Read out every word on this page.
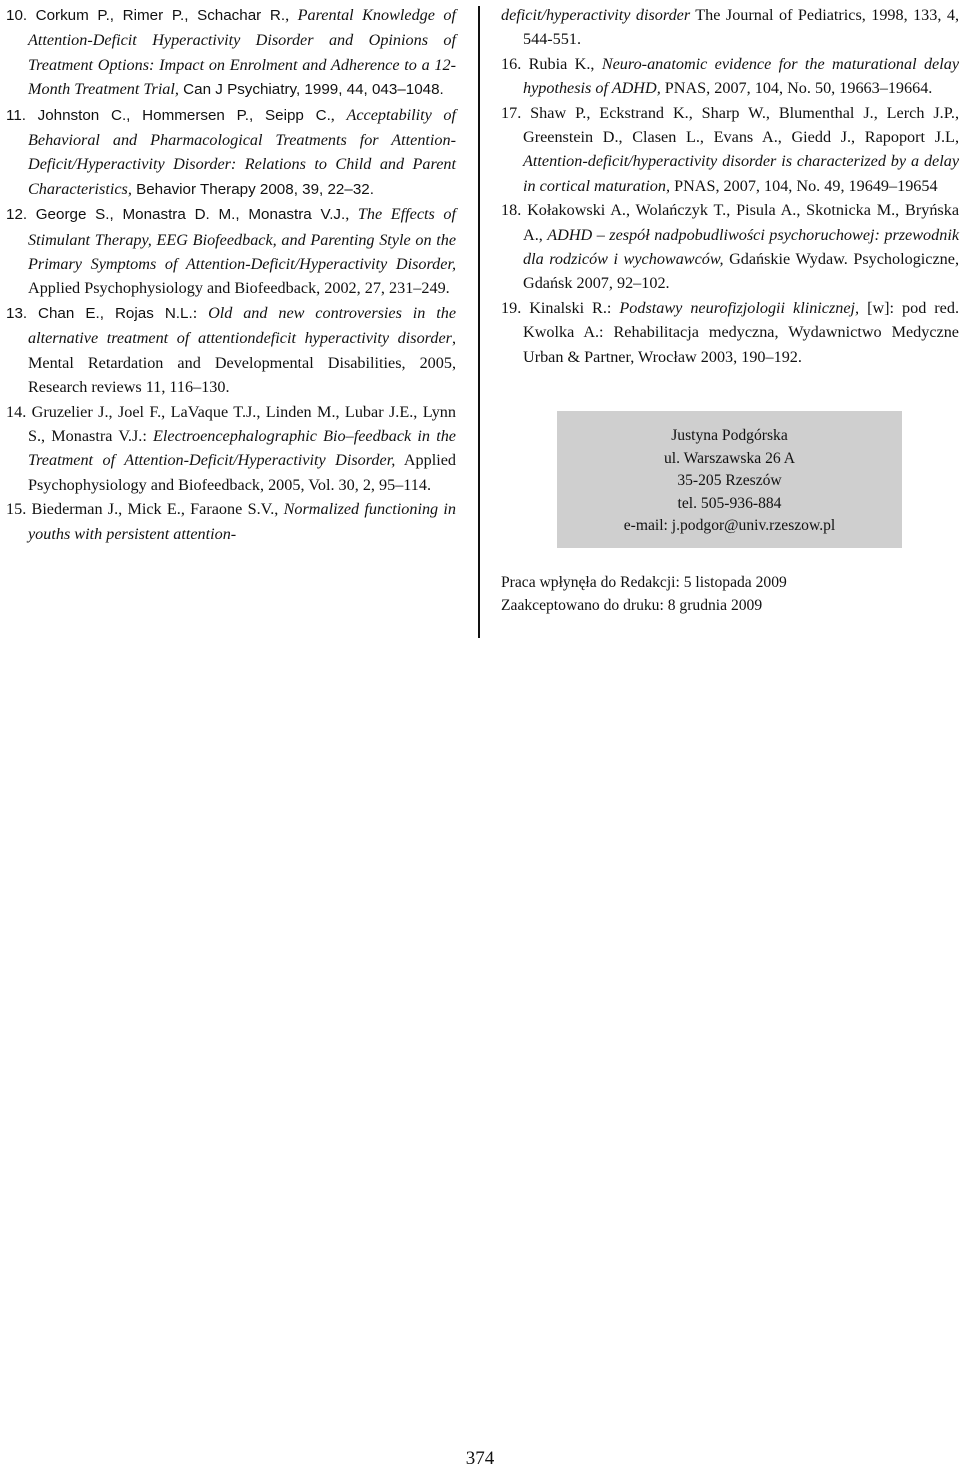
10. Corkum P., Rimer P., Schachar R., Parental Knowledge of Attention-Deficit Hyperactivity Disorder and Opinions of Treatment Options: Impact on Enrolment and Adherence to a 12-Month Treatment Trial, Can J Psychiatry, 1999, 44, 043–1048.

11. Johnston C., Hommersen P., Seipp C., Acceptability of Behavioral and Pharmacological Treatments for Attention-Deficit/Hyperactivity Disorder: Relations to Child and Parent Characteristics, Behavior Therapy 2008, 39, 22–32.

12. George S., Monastra D. M., Monastra V.J., The Effects of Stimulant Therapy, EEG Biofeedback, and Parenting Style on the Primary Symptoms of Attention-Deficit/Hyperactivity Disorder, Applied Psychophysiology and Biofeedback, 2002, 27, 231–249.

13. Chan E., Rojas N.L.: Old and new controversies in the alternative treatment of attentiondeficit hyperactivity disorder, Mental Retardation and Developmental Disabilities, 2005, Research reviews 11, 116–130.

14. Gruzelier J., Joel F., LaVaque T.J., Linden M., Lubar J.E., Lynn S., Monastra V.J.: Electroencephalographic Bio–feedback in the Treatment of Attention-Deficit/Hyperactivity Disorder, Applied Psychophysiology and Biofeedback, 2005, Vol. 30, 2, 95–114.

15. Biederman J., Mick E., Faraone S.V., Normalized functioning in youths with persistent attention-

deficit/hyperactivity disorder The Journal of Pediatrics, 1998, 133, 4, 544-551.

16. Rubia K., Neuro-anatomic evidence for the maturational delay hypothesis of ADHD, PNAS, 2007, 104, No. 50, 19663–19664.

17. Shaw P., Eckstrand K., Sharp W., Blumenthal J., Lerch J.P., Greenstein D., Clasen L., Evans A., Giedd J., Rapoport J.L, Attention-deficit/hyperactivity disorder is characterized by a delay in cortical maturation, PNAS, 2007, 104, No. 49, 19649–19654

18. Kołakowski A., Wolańczyk T., Pisula A., Skotnicka M., Bryńska A., ADHD – zespół nadpobudliwości psychoruchowej: przewodnik dla rodziców i wychowawców, Gdańskie Wydaw. Psychologiczne, Gdańsk 2007, 92–102.

19. Kinalski R.: Podstawy neurofizjologii klinicznej, [w]: pod red. Kwolka A.: Rehabilitacja medyczna, Wydawnictwo Medyczne Urban & Partner, Wrocław 2003, 190–192.

Justyna Podgórska
ul. Warszawska 26 A
35-205 Rzeszów
tel. 505-936-884
e-mail: j.podgor@univ.rzeszow.pl
Praca wpłynęła do Redakcji: 5 listopada 2009
Zaakceptowano do druku: 8 grudnia 2009
374
